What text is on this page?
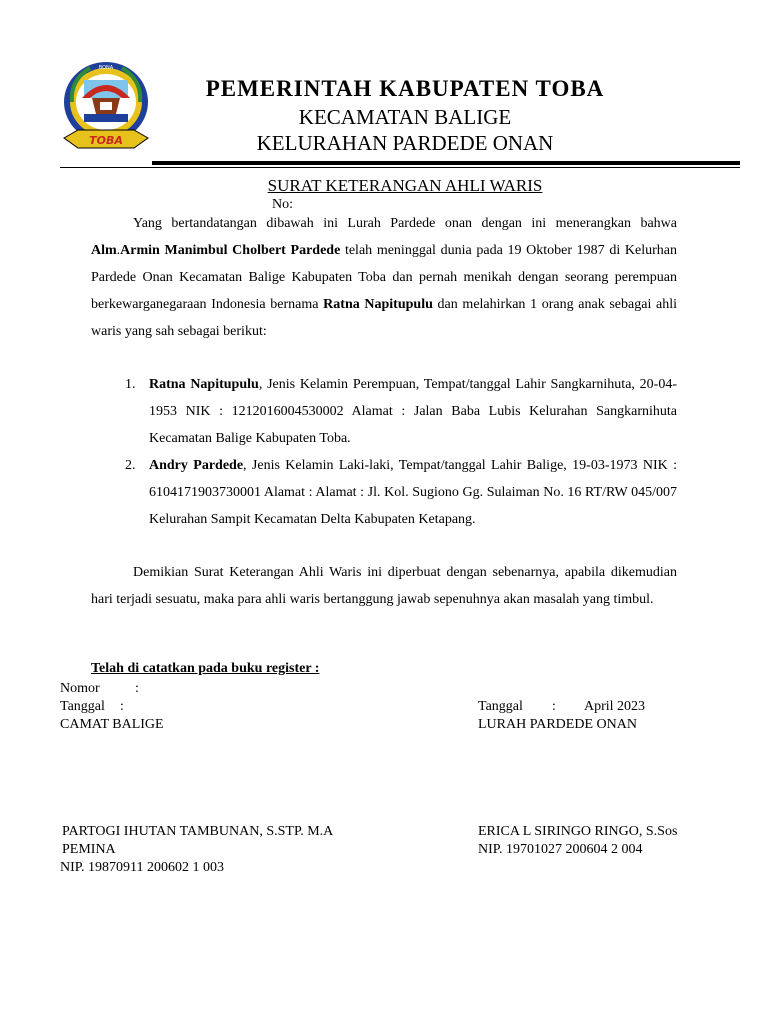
BONA
TOBA
PEMERINTAH KABUPATEN TOBA
KECAMATAN BALIGE
KELURAHAN PARDEDE ONAN
SURAT KETERANGAN AHLI WARIS
No:

Yang bertandatangan dibawah ini Lurah Pardede onan dengan ini menerangkan bahwa Alm.Armin Manimbul Cholbert Pardede telah meninggal dunia pada 19 Oktober 1987 di Kelurhan Pardede Onan Kecamatan Balige Kabupaten Toba dan pernah menikah dengan seorang perempuan berkewarganegaraan Indonesia bernama Ratna Napitupulu dan melahirkan 1 orang anak sebagai ahli waris yang sah sebagai berikut:

1. Ratna Napitupulu, Jenis Kelamin Perempuan, Tempat/tanggal Lahir Sangkarnihuta, 20-04-1953 NIK : 1212016004530002 Alamat : Jalan Baba Lubis Kelurahan Sangkarnihuta Kecamatan Balige Kabupaten Toba.
2. Andry Pardede, Jenis Kelamin Laki-laki, Tempat/tanggal Lahir Balige, 19-03-1973 NIK : 6104171903730001 Alamat : Alamat : Jl. Kol. Sugiono Gg. Sulaiman No. 16 RT/RW 045/007 Kelurahan Sampit Kecamatan Delta Kabupaten Ketapang.

Demikian Surat Keterangan Ahli Waris ini diperbuat dengan sebenarnya, apabila dikemudian hari terjadi sesuatu, maka para ahli waris bertanggung jawab sepenuhnya akan masalah yang timbul.

Telah di catatkan pada buku register :
Nomor	:
Tanggal :
CAMAT BALIGE
Tanggal : April 2023
LURAH PARDEDE ONAN
PARTOGI IHUTAN TAMBUNAN, S.STP. M.A
PEMINA
NIP. 19870911 200602 1 003
ERICA L SIRINGO RINGO, S.Sos
NIP. 19701027 200604 2 004
